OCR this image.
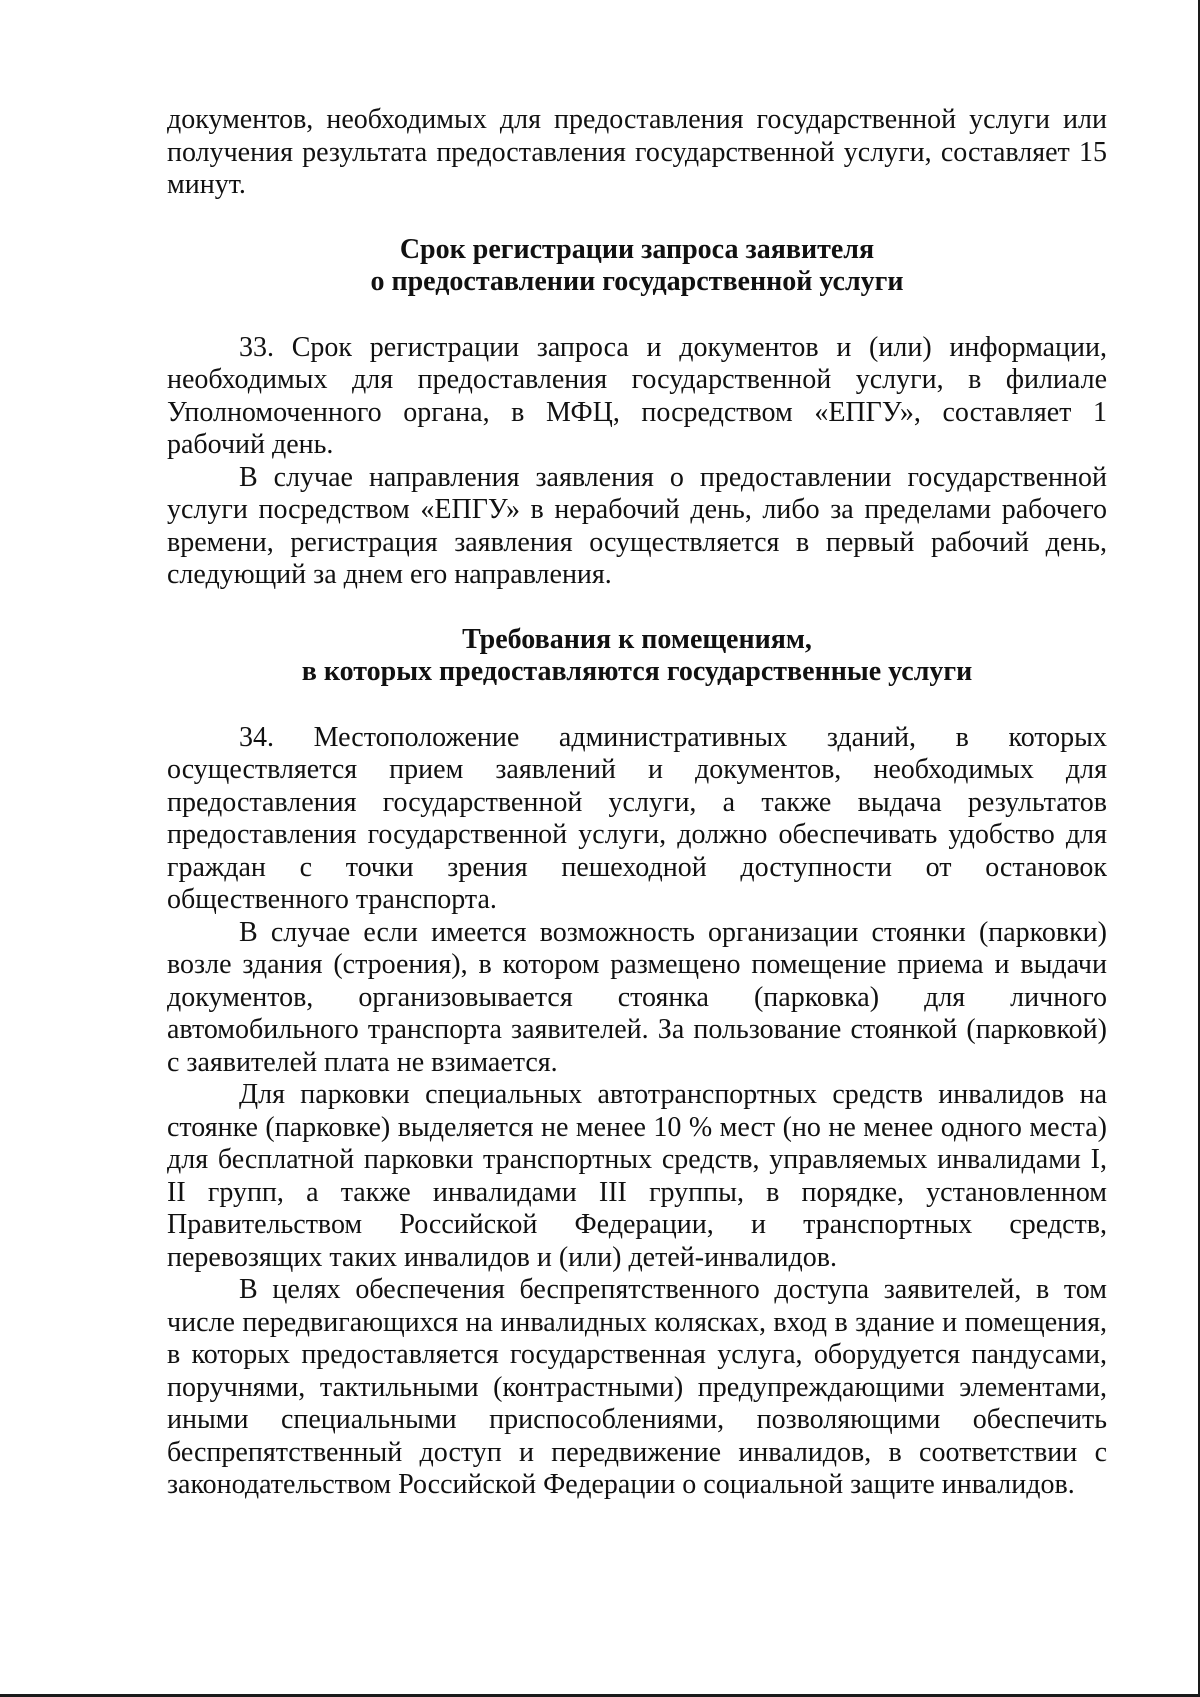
документов, необходимых для предоставления государственной услуги или получения результата предоставления государственной услуги, составляет 15 минут.

Срок регистрации запроса заявителя
о предоставлении государственной услуги

33. Срок регистрации запроса и документов и (или) информации, необходимых для предоставления государственной услуги, в филиале Уполномоченного органа, в МФЦ, посредством «ЕПГУ», составляет 1 рабочий день.

В случае направления заявления о предоставлении государственной услуги посредством «ЕПГУ» в нерабочий день, либо за пределами рабочего времени, регистрация заявления осуществляется в первый рабочий день, следующий за днем его направления.

Требования к помещениям,
в которых предоставляются государственные услуги

34. Местоположение административных зданий, в которых осуществляется прием заявлений и документов, необходимых для предоставления государственной услуги, а также выдача результатов предоставления государственной услуги, должно обеспечивать удобство для граждан с точки зрения пешеходной доступности от остановок общественного транспорта.

В случае если имеется возможность организации стоянки (парковки) возле здания (строения), в котором размещено помещение приема и выдачи документов, организовывается стоянка (парковка) для личного автомобильного транспорта заявителей. За пользование стоянкой (парковкой) с заявителей плата не взимается.

Для парковки специальных автотранспортных средств инвалидов на стоянке (парковке) выделяется не менее 10 % мест (но не менее одного места) для бесплатной парковки транспортных средств, управляемых инвалидами I, II групп, а также инвалидами III группы, в порядке, установленном Правительством Российской Федерации, и транспортных средств, перевозящих таких инвалидов и (или) детей-инвалидов.

В целях обеспечения беспрепятственного доступа заявителей, в том числе передвигающихся на инвалидных колясках, вход в здание и помещения, в которых предоставляется государственная услуга, оборудуется пандусами, поручнями, тактильными (контрастными) предупреждающими элементами, иными специальными приспособлениями, позволяющими обеспечить беспрепятственный доступ и передвижение инвалидов, в соответствии с законодательством Российской Федерации о социальной защите инвалидов.
